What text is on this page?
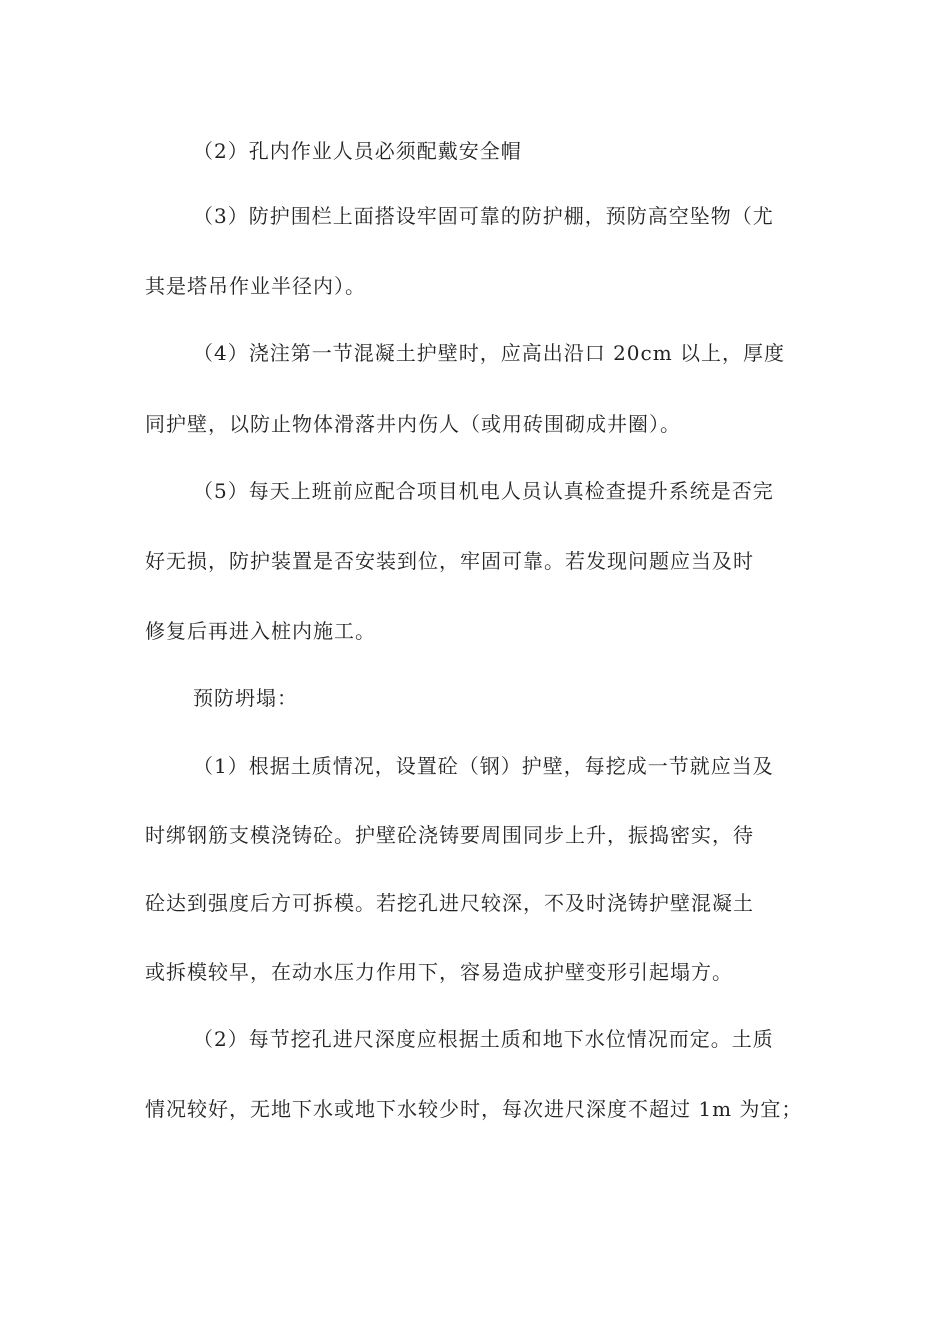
（2）孔内作业人员必须配戴安全帽
（3）防护围栏上面搭设牢固可靠的防护棚，预防高空坠物（尤
其是塔吊作业半径内）。
（4）浇注第一节混凝土护壁时，应高出沿口 20cm 以上，厚度
同护壁，以防止物体滑落井内伤人（或用砖围砌成井圈）。
（5）每天上班前应配合项目机电人员认真检查提升系统是否完
好无损，防护装置是否安装到位，牢固可靠。若发现问题应当及时
修复后再进入桩内施工。
预防坍塌：
（1）根据土质情况，设置砼（钢）护壁，每挖成一节就应当及
时绑钢筋支模浇铸砼。护壁砼浇铸要周围同步上升，振捣密实，待
砼达到强度后方可拆模。若挖孔进尺较深，不及时浇铸护壁混凝土
或拆模较早，在动水压力作用下，容易造成护壁变形引起塌方。
（2）每节挖孔进尺深度应根据土质和地下水位情况而定。土质
情况较好，无地下水或地下水较少时，每次进尺深度不超过 1m 为宜；
